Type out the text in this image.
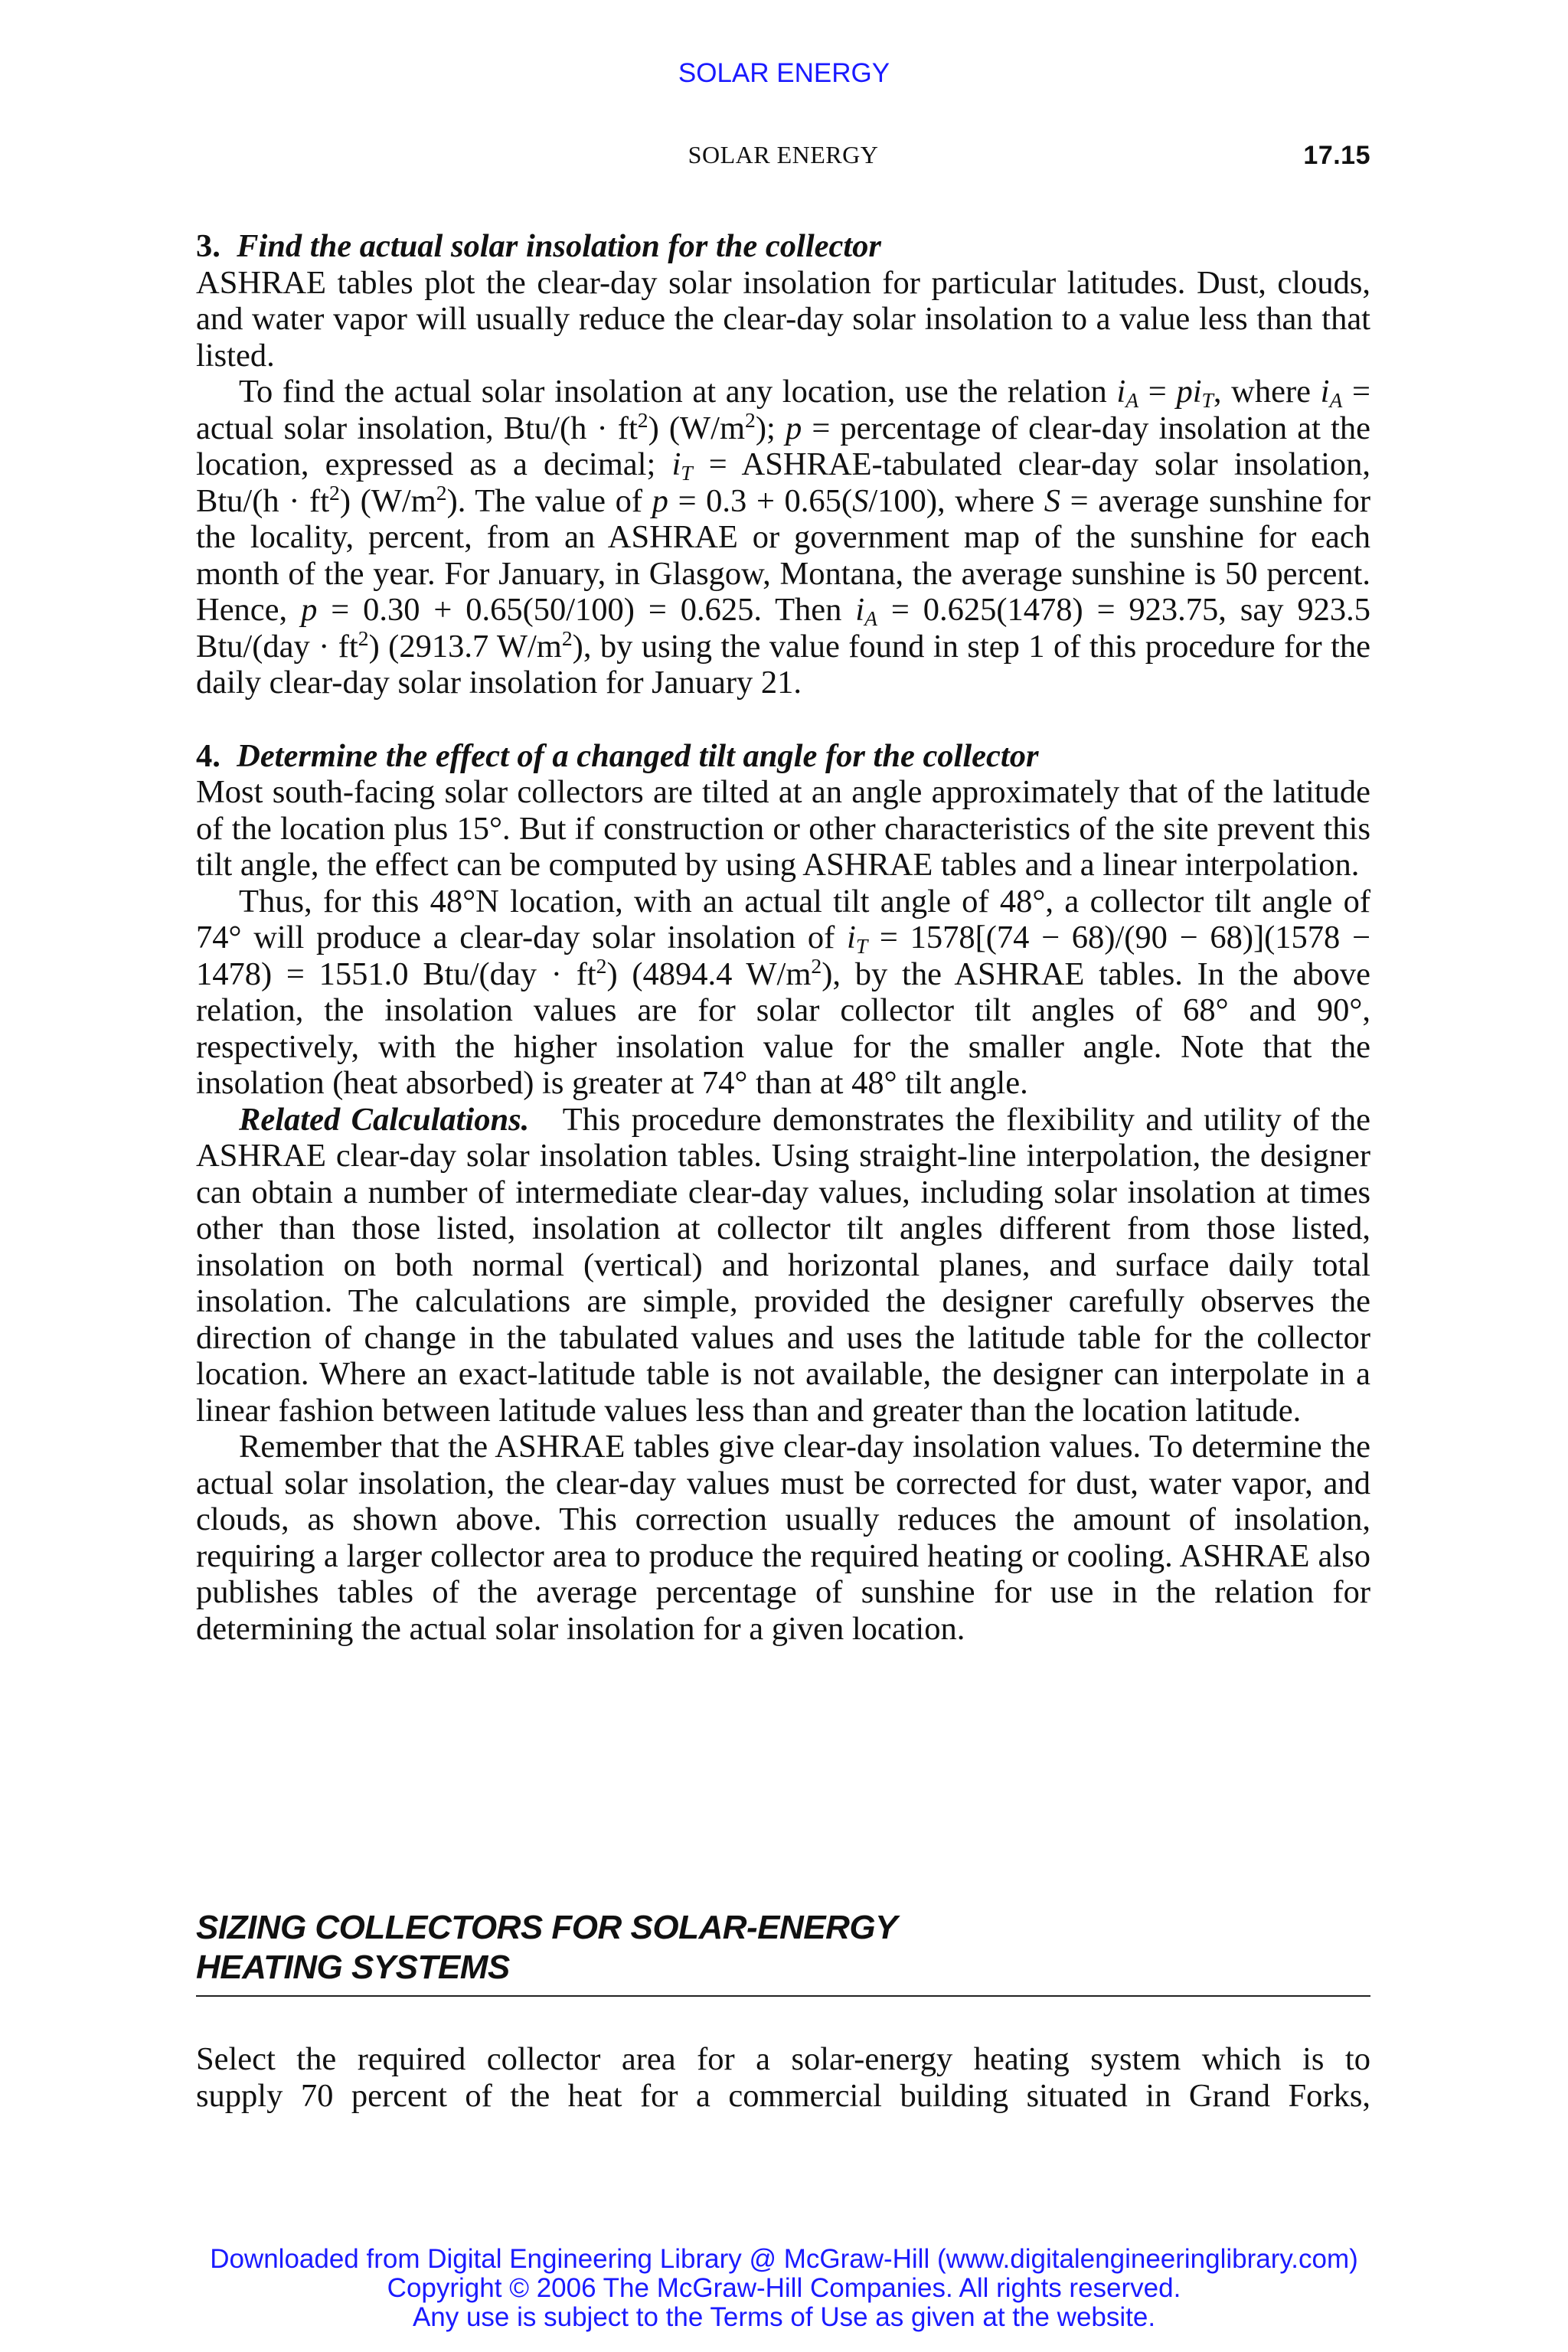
SOLAR ENERGY
SOLAR ENERGY	17.15

3. Find the actual solar insolation for the collector

ASHRAE tables plot the clear-day solar insolation for particular latitudes. Dust, clouds, and water vapor will usually reduce the clear-day solar insolation to a value less than that listed.

To find the actual solar insolation at any location, use the relation $i_A = pi_T$, where $i_A$ = actual solar insolation, $Btu/(h \cdot ft^2)$ $(W/m^2)$; p = percentage of clear-day insolation at the location, expressed as a decimal; $i_T$ = ASHRAE-tabulated clear-day solar insolation, $Btu/(h \cdot ft^2)$ $(W/m^2)$. The value of p = 0.3 + 0.65(S/100), where S = average sunshine for the locality, percent, from an ASHRAE or government map of the sunshine for each month of the year. For January, in Glasgow, Montana, the average sunshine is 50 percent. Hence, p = 0.30 + 0.65(50/100) = 0.625. Then $i_A = 0.625(1478) = 923.75$, say 923.5 $Btu/(day \cdot ft^2)$ (2913.7 $W/m^2$), by using the value found in step 1 of this procedure for the daily clear-day solar insolation for January 21.

4. Determine the effect of a changed tilt angle for the collector

Most south-facing solar collectors are tilted at an angle approximately that of the latitude of the location plus 15°. But if construction or other characteristics of the site prevent this tilt angle, the effect can be computed by using ASHRAE tables and a linear interpolation.

Thus, for this 48°N location, with an actual tilt angle of 48°, a collector tilt angle of 74° will produce a clear-day solar insolation of $i_T = 1578[(74 - 68)/(90 - 68)](1578 - 1478) = 1551.0$ $Btu/(day \cdot ft^2)$ (4894.4 $W/m^2$), by the ASHRAE tables. In the above relation, the insolation values are for solar collector tilt angles of 68° and 90°, respectively, with the higher insolation value for the smaller angle. Note that the insolation (heat absorbed) is greater at 74° than at 48° tilt angle.

Related Calculations. This procedure demonstrates the flexibility and utility of the ASHRAE clear-day solar insolation tables. Using straight-line interpolation, the designer can obtain a number of intermediate clear-day values, including solar insolation at times other than those listed, insolation at collector tilt angles different from those listed, insolation on both normal (vertical) and horizontal planes, and surface daily total insolation. The calculations are simple, provided the designer carefully observes the direction of change in the tabulated values and uses the latitude table for the collector location. Where an exact-latitude table is not available, the designer can interpolate in a linear fashion between latitude values less than and greater than the location latitude.

Remember that the ASHRAE tables give clear-day insolation values. To determine the actual solar insolation, the clear-day values must be corrected for dust, water vapor, and clouds, as shown above. This correction usually reduces the amount of insolation, requiring a larger collector area to produce the required heating or cooling. ASHRAE also publishes tables of the average percentage of sunshine for use in the relation for determining the actual solar insolation for a given location.

SIZING COLLECTORS FOR SOLAR-ENERGY
HEATING SYSTEMS

Select the required collector area for a solar-energy heating system which is to

supply 70 percent of the heat for a commercial building situated in Grand Forks,

Downloaded from Digital Engineering Library @ McGraw-Hill (www.digitalengineeringlibrary.com)
Copyright © 2006 The McGraw-Hill Companies. All rights reserved.
Any use is subject to the Terms of Use as given at the website.
